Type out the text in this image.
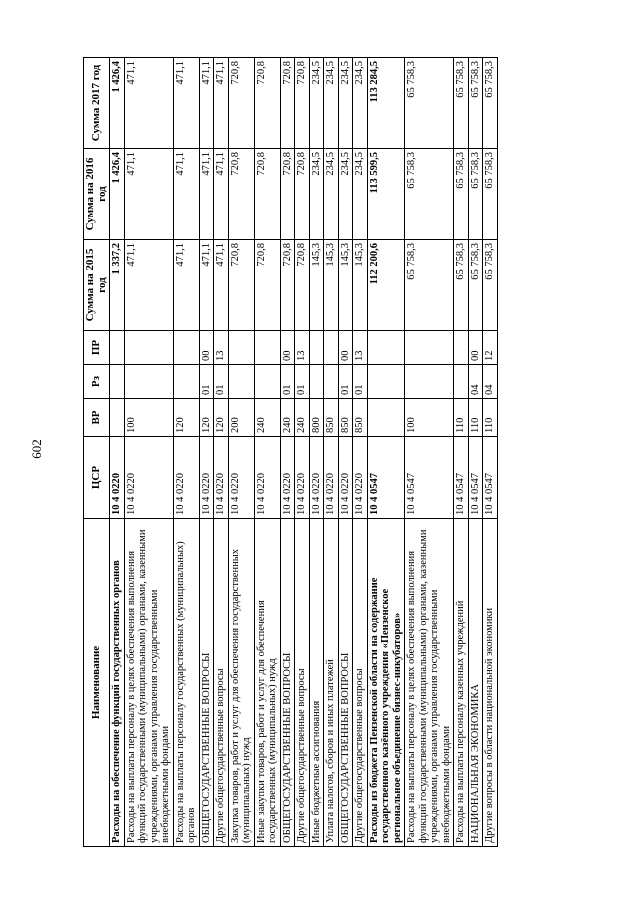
602
Наименование	ЦСР	ВР	Рз	ПР	Сумма на 2015 год	Сумма на 2016 год	Сумма 2017 год
Расходы на обеспечение функций государственных органов	10 4 0220				1 337,2	1 426,4	1 426,4
Расходы на выплаты персоналу в целях обеспечения выполнения функций государственными (муниципальными) органами, казенными учреждениями, органами управления государственными внебюджетными фондами	10 4 0220	100			471,1	471,1	471,1
Расходы на выплаты персоналу государственных (муниципальных) органов	10 4 0220	120			471,1	471,1	471,1
ОБЩЕГОСУДАРСТВЕННЫЕ ВОПРОСЫ	10 4 0220	120	01	00	471,1	471,1	471,1
Другие общегосударственные вопросы	10 4 0220	120	01	13	471,1	471,1	471,1
Закупка товаров, работ и услуг для обеспечения государственных (муниципальных) нужд	10 4 0220	200			720,8	720,8	720,8
Иные закупки товаров, работ и услуг для обеспечения государственных (муниципальных) нужд	10 4 0220	240			720,8	720,8	720,8
ОБЩЕГОСУДАРСТВЕННЫЕ ВОПРОСЫ	10 4 0220	240	01	00	720,8	720,8	720,8
Другие общегосударственные вопросы	10 4 0220	240	01	13	720,8	720,8	720,8
Иные бюджетные ассигнования	10 4 0220	800			145,3	234,5	234,5
Уплата налогов, сборов и иных платежей	10 4 0220	850			145,3	234,5	234,5
ОБЩЕГОСУДАРСТВЕННЫЕ ВОПРОСЫ	10 4 0220	850	01	00	145,3	234,5	234,5
Другие общегосударственные вопросы	10 4 0220	850	01	13	145,3	234,5	234,5
Расходы из бюджета Пензенской области на содержание государственного казённого учреждения «Пензенское региональное объединение бизнес-инкубаторов»	10 4 0547				112 200,6	113 599,5	113 284,5
Расходы на выплаты персоналу в целях обеспечения выполнения функций государственными (муниципальными) органами, казенными учреждениями, органами управления государственными внебюджетными фондами	10 4 0547	100			65 758,3	65 758,3	65 758,3
Расходы на выплаты персоналу казенных учреждений	10 4 0547	110			65 758,3	65 758,3	65 758,3
НАЦИОНАЛЬНАЯ ЭКОНОМИКА	10 4 0547	110	04	00	65 758,3	65 758,3	65 758,3
Другие вопросы в области национальной экономики	10 4 0547	110	04	12	65 758,3	65 758,3	65 758,3
